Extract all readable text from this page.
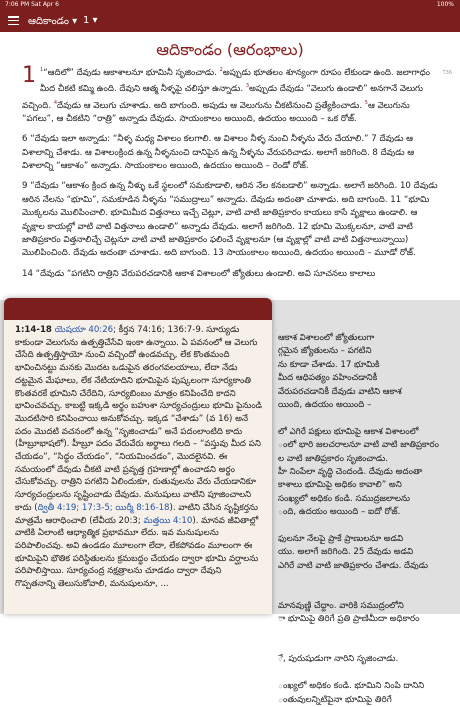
7:06 PM Sat Apr 6	100%
ఆదికాండం ▾ 1 ▾
T36
ఆదికాండం (ఆరంభాలు)

1 $^1$“ఆదిలో” దేవుడు ఆకాశాలనూ భూమినీ సృజించాడు. $^2$అప్పుడు భూతలం శూన్యంగా రూపం లేకుండా ఉంది. జలాగాధం మీద చీకటి కమ్మి ఉంది. దేవుని ఆత్మ నీళ్ళపై చలిస్తూ ఉన్నాడు. $^3$అప్పుడు దేవుడు “వెలుగు ఉండాలి” అనగానే వెలుగు వచ్చింది. $^4$దేవుడు ఆ వెలుగు చూశాడు. అది బాగుంది. అపుడు ఆ వెలుగును చీకటినుంచి ప్రత్యేకించాడు. $^5$ఆ వెలుగును “పగలు”, ఆ చీకటిని “రాత్రి” అన్నాడు దేవుడు. సాయంకాలం అయింది, ఉదయం అయింది – ఒక రోజ్.

6 “దేవుడు ఇలా అన్నాడు: “నీళ్ళ మధ్య విశాలం కలగాలి. ఆ విశాలం నీళ్ళ నుంచి నీళ్ళను వేరు చేయాలి.” 7 దేవుడు ఆ విశాలాన్ని చేశాడు. ఆ విశాలంక్రింద ఉన్న నీళ్ళనుంచి దానిపైన ఉన్న నీళ్ళను వేరుపరిచాడు. అలాగే జరిగింది. 8 దేవుడు ఆ విశాలాన్ని “ఆకాశం” అన్నాడు. సాయంకాలం అయింది, ఉదయం అయింది – రెండో రోజ్.

9 “దేవుడు “ఆకాశం క్రింద ఉన్న నీళ్ళు ఒకే స్థలంలో సమకూడాలి, ఆరిన నేల కనబడాలి” అన్నాడు. అలాగే జరిగింది. 10 దేవుడు ఆరిన నేలను “భూమి”, సమకూడిన నీళ్ళను “సముద్రాలు” అన్నాడు. దేవుడు అదంతా చూశాడు. అది బాగుంది. 11 “భూమి మొక్కలను మొలిపించాలి. భూమిమీద విత్తనాలు ఇచ్చే చెట్లూ, వాటి వాటి జాతిప్రకారం కాయలు కాసే వృక్షాలు ఉండాలి. ఆ వృక్షాల కాయల్లో వాటి వాటి విత్తనాలు ఉండాలి” అన్నాడు దేవుడు. అలాగే జరిగింది. 12 భూమి మొక్కలనూ, వాటి వాటి జాతిప్రకారం విత్తనాలిచ్చే చెట్లనూ వాటి వాటి జాతిప్రకారం ఫలించే వృక్షాలనూ (ఆ వృక్షాల్లో వాటి వాటి విత్తనాలున్నాయి) మొలిపించింది. దేవుడు అదంతా చూశాడు. అది బాగుంది. 13 సాయంకాలం అయింది, ఉదయం అయింది – మూడో రోజ్.

14 “దేవుడు “పగటిని రాత్రిని వేరుపరచడానికి ఆకాశ విశాలంలో జ్యోతులు ఉండాలి. అవి సూచనలు కాలాలు

ఆకాశ విశాలంలో జ్యోతులుగా
గ్గమైన జ్యోతులను – పగటిని
ను కూడా చేశాడు. 17 భూమికి
మీద ఆధిపత్యం వహించడానికీ
వేరుపరచడానికీ దేవుడు వాటిని ఆకాశ
యింది, ఉదయం అయింది –
లో ఎగిరే పక్షులు భూమిపై ఆకాశ విశాలంలో
ంలో భారి జలచరాలనూ వాటి వాటి జాతిప్రకారం
ల వాటి జాతిప్రకారం సృజించాడు.
హీ నింపేలా వృద్ధి చెందండి. దేవుడు అదంతా
కాశాలు భూమిపై అధికం కావాలి” అని
సంఖ్యలో అధికం కండి. సముద్రజలాలను
ంది, ఉదయం అయింది – ఐదో రోజ్.
ఫులనూ నేలపై ప్రాకే ప్రాణులనూ అడవి
యు. అలాగే జరిగింది. 25 దేవుడు అడవి
ఎగిరే వాటి వాటి జాతిప్రకారం చేశాడు. దేవుడు
మానవుణ్ణి చేద్దాం. వారికి సముద్రంలోని
ా భూమిపై తిరిగే ప్రతి ప్రాణిమీదా అధికారం
ే, పురుషుడుగా నారిని సృజించాడు.
ంఖ్యలో అధికం కండి. భూమిని నింపి దానిని
ంతువులన్నిటిపైనా భూమిపై తిరిగే
1:14-18 యెషయా 40:26; కీర్తన 74:16; 136:7-9. సూర్యుడు కాకుండా వెలుగును ఉత్పత్తిచేసేవి ఇంకా ఉన్నాయి. ఏ పవనంలో ఆ వెలుగు చేసేది ఉత్పత్తిస్తాయో నుంచి వచ్చిందో ఉండవచ్చు, లేక కొంతమంది భావించినట్టు మనకు మొదట ఒడుపైన తరంగవలయాలు, లేదా నేడు దట్టమైన మేఘాలు, లేక నేటియాదిని భూమిపైన పుష్కలంగా సూర్యకాంతి కొంతవరకే భూమిని చేరేదిని, సూర్యబింబం మాత్రం కనిపించేది కాదని భావించవచ్చు. కాబట్టి ఇక్కడి అర్థం బహుశా సూర్యచంద్రులు భూమి పైనుండి మొదటిసారి కనిపించాయి అనుకోవచ్చు. ఇక్కడ “చేశాడు” (వ 16) అనే పదం మొదటి వచనంలో ఉన్న “సృజించాడు” అనే పదంలాంటిది కాదు (హీబ్రూభాషలో). హీబ్రూ పదం వేరువేరు అర్థాలు గలది – “వస్తువు మీద పని చేయడం”, “సిద్ధం చేయడం”, “నియమించడం”, మొదలైనవి. ఈ సమయంలో దేవుడు చీకటి వాటి ప్రవృత్త గ్రహణాల్లో ఉంచాడని అర్థం చేసుకోవచ్చు. రాత్రిని పగటిని ఏలిందుకూ, రుతువులను వేరు చేయడానికూ సూర్యచంద్రులను సృష్టించాడు దేవుడు. మనుషులు వాటిని పూజించాలని కాదు (ద్వితీ 4:19; 17:3-5; యిర్మీ 8:16-18). వాటిని చేసిన సృష్టికర్తను మాత్రమే ఆరాధించాలి (లేవీయ 20:3; మత్తయి 4:10). మానవ జీవితాల్లో వాటికి ఏలాంటి ఆధ్యాత్మిక ప్రభావమూ లేదు. ఇవ మనుషులను పరిపాలించవు. అవి ఉండడం మూలంగా లేదా, లేకపోవడం మూలంగా ఈ భూమిపైని భౌతిక పరిస్థితులను క్రమబద్ధం చేయడం ద్వారా భూమి వర్ఘాలను పరిపాలిస్తాయి. సూర్యచంద్ర నక్షత్రాలను చూడడం ద్వారా దేవుని గొప్పతనాన్ని తెలుసుకోవాలి, మనుషులనూ, ...
